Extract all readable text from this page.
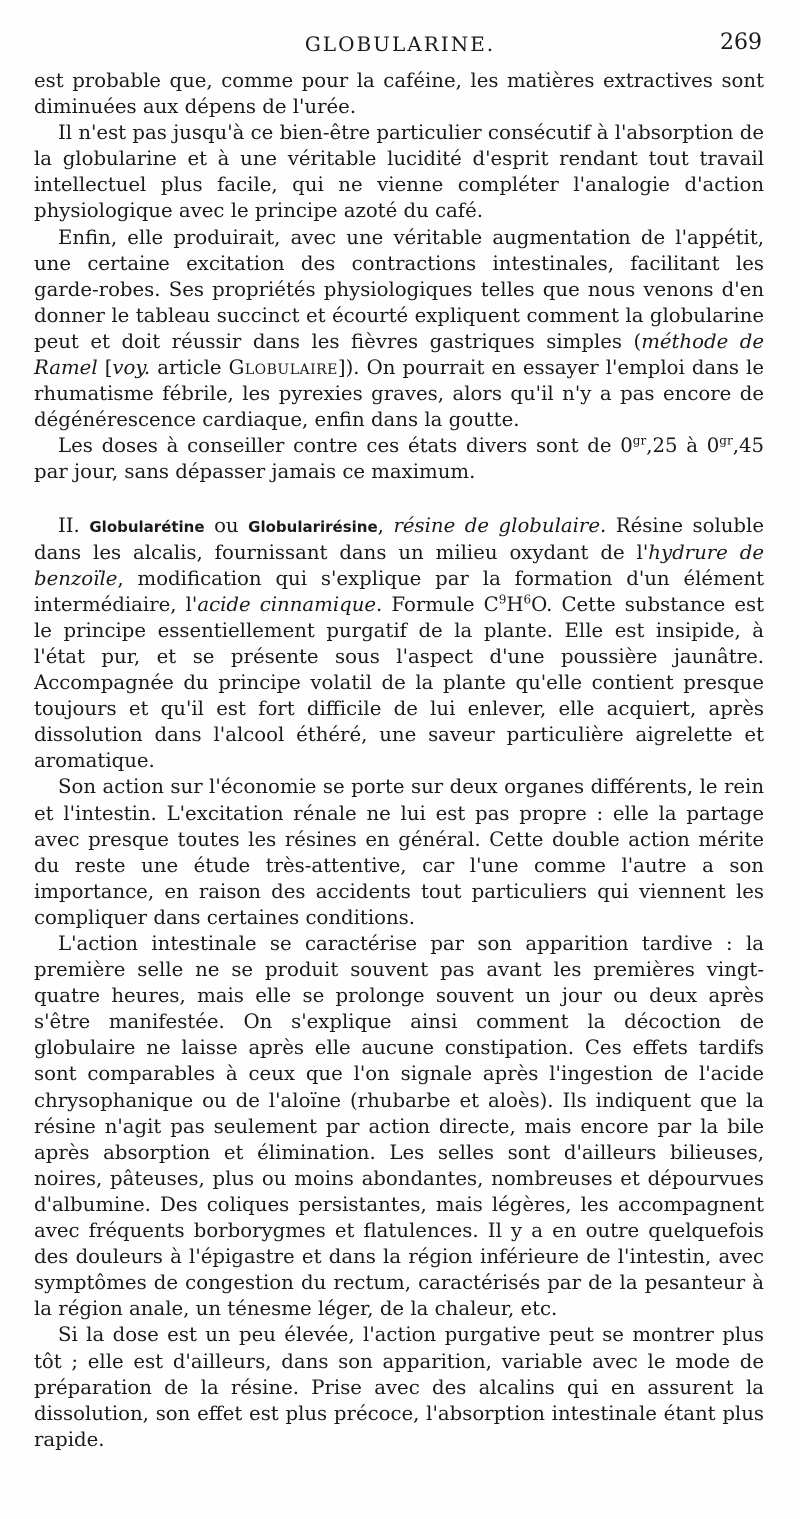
GLOBULARINE.	269

est probable que, comme pour la caféine, les matières extractives sont diminuées aux dépens de l'urée.

Il n'est pas jusqu'à ce bien-être particulier consécutif à l'absorption de la globularine et à une véritable lucidité d'esprit rendant tout travail intellectuel plus facile, qui ne vienne compléter l'analogie d'action physiologique avec le principe azoté du café.

Enfin, elle produirait, avec une véritable augmentation de l'appétit, une certaine excitation des contractions intestinales, facilitant les garde-robes. Ses propriétés physiologiques telles que nous venons d'en donner le tableau succinct et écourté expliquent comment la globularine peut et doit réussir dans les fièvres gastriques simples (méthode de Ramel [voy. article Globulaire]). On pourrait en essayer l'emploi dans le rhumatisme fébrile, les pyrexies graves, alors qu'il n'y a pas encore de dégénérescence cardiaque, enfin dans la goutte.

Les doses à conseiller contre ces états divers sont de $0^{gr},25$ à $0^{gr},45$ par jour, sans dépasser jamais ce maximum.

II. Globularétine ou Globularirésine, résine de globulaire. Résine soluble dans les alcalis, fournissant dans un milieu oxydant de l'hydrure de benzoïle, modification qui s'explique par la formation d'un élément intermédiaire, l'acide cinnamique. Formule $C^9H^6O$. Cette substance est le principe essentiellement purgatif de la plante. Elle est insipide, à l'état pur, et se présente sous l'aspect d'une poussière jaunâtre. Accompagnée du principe volatil de la plante qu'elle contient presque toujours et qu'il est fort difficile de lui enlever, elle acquiert, après dissolution dans l'alcool éthéré, une saveur particulière aigrelette et aromatique.

Son action sur l'économie se porte sur deux organes différents, le rein et l'intestin. L'excitation rénale ne lui est pas propre : elle la partage avec presque toutes les résines en général. Cette double action mérite du reste une étude très-attentive, car l'une comme l'autre a son importance, en raison des accidents tout particuliers qui viennent les compliquer dans certaines conditions.

L'action intestinale se caractérise par son apparition tardive : la première selle ne se produit souvent pas avant les premières vingt-quatre heures, mais elle se prolonge souvent un jour ou deux après s'être manifestée. On s'explique ainsi comment la décoction de globulaire ne laisse après elle aucune constipation. Ces effets tardifs sont comparables à ceux que l'on signale après l'ingestion de l'acide chrysophanique ou de l'aloïne (rhubarbe et aloès). Ils indiquent que la résine n'agit pas seulement par action directe, mais encore par la bile après absorption et élimination. Les selles sont d'ailleurs bilieuses, noires, pâteuses, plus ou moins abondantes, nombreuses et dépourvues d'albumine. Des coliques persistantes, mais légères, les accompagnent avec fréquents borborygmes et flatulences. Il y a en outre quelquefois des douleurs à l'épigastre et dans la région inférieure de l'intestin, avec symptômes de congestion du rectum, caractérisés par de la pesanteur à la région anale, un ténesme léger, de la chaleur, etc.

Si la dose est un peu élevée, l'action purgative peut se montrer plus tôt ; elle est d'ailleurs, dans son apparition, variable avec le mode de préparation de la résine. Prise avec des alcalins qui en assurent la dissolution, son effet est plus précoce, l'absorption intestinale étant plus rapide.
